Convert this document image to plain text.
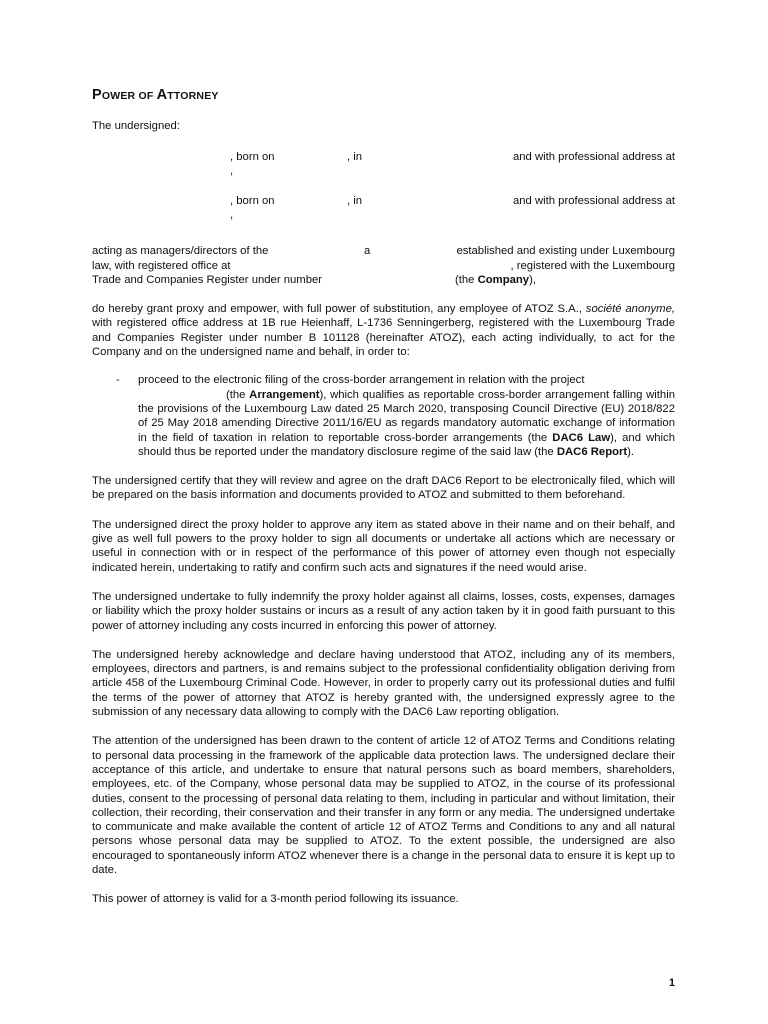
POWER OF ATTORNEY

The undersigned:

, born on	, in	and with professional address at
,
, born on	, in	and with professional address at
,
acting as managers/directors of the	a	established and existing under Luxembourg
law, with registered office at	, registered with the Luxembourg
Trade and Companies Register under number	(the Company),

do hereby grant proxy and empower, with full power of substitution, any employee of ATOZ S.A., société anonyme, with registered office address at 1B rue Heienhaff, L-1736 Senningerberg, registered with the Luxembourg Trade and Companies Register under number B 101128 (hereinafter ATOZ), each acting individually, to act for the Company and on the undersigned name and behalf, in order to:

- proceed to the electronic filing of the cross-border arrangement in relation with the project

(the Arrangement), which qualifies as reportable cross-border arrangement falling within the provisions of the Luxembourg Law dated 25 March 2020, transposing Council Directive (EU) 2018/822 of 25 May 2018 amending Directive 2011/16/EU as regards mandatory automatic exchange of information in the field of taxation in relation to reportable cross-border arrangements (the DAC6 Law), and which should thus be reported under the mandatory disclosure regime of the said law (the DAC6 Report).

The undersigned certify that they will review and agree on the draft DAC6 Report to be electronically filed, which will be prepared on the basis information and documents provided to ATOZ and submitted to them beforehand.

The undersigned direct the proxy holder to approve any item as stated above in their name and on their behalf, and give as well full powers to the proxy holder to sign all documents or undertake all actions which are necessary or useful in connection with or in respect of the performance of this power of attorney even though not especially indicated herein, undertaking to ratify and confirm such acts and signatures if the need would arise.

The undersigned undertake to fully indemnify the proxy holder against all claims, losses, costs, expenses, damages or liability which the proxy holder sustains or incurs as a result of any action taken by it in good faith pursuant to this power of attorney including any costs incurred in enforcing this power of attorney.

The undersigned hereby acknowledge and declare having understood that ATOZ, including any of its members, employees, directors and partners, is and remains subject to the professional confidentiality obligation deriving from article 458 of the Luxembourg Criminal Code. However, in order to properly carry out its professional duties and fulfil the terms of the power of attorney that ATOZ is hereby granted with, the undersigned expressly agree to the submission of any necessary data allowing to comply with the DAC6 Law reporting obligation.

The attention of the undersigned has been drawn to the content of article 12 of ATOZ Terms and Conditions relating to personal data processing in the framework of the applicable data protection laws. The undersigned declare their acceptance of this article, and undertake to ensure that natural persons such as board members, shareholders, employees, etc. of the Company, whose personal data may be supplied to ATOZ, in the course of its professional duties, consent to the processing of personal data relating to them, including in particular and without limitation, their collection, their recording, their conservation and their transfer in any form or any media. The undersigned undertake to communicate and make available the content of article 12 of ATOZ Terms and Conditions to any and all natural persons whose personal data may be supplied to ATOZ. To the extent possible, the undersigned are also encouraged to spontaneously inform ATOZ whenever there is a change in the personal data to ensure it is kept up to date.

This power of attorney is valid for a 3-month period following its issuance.

1
